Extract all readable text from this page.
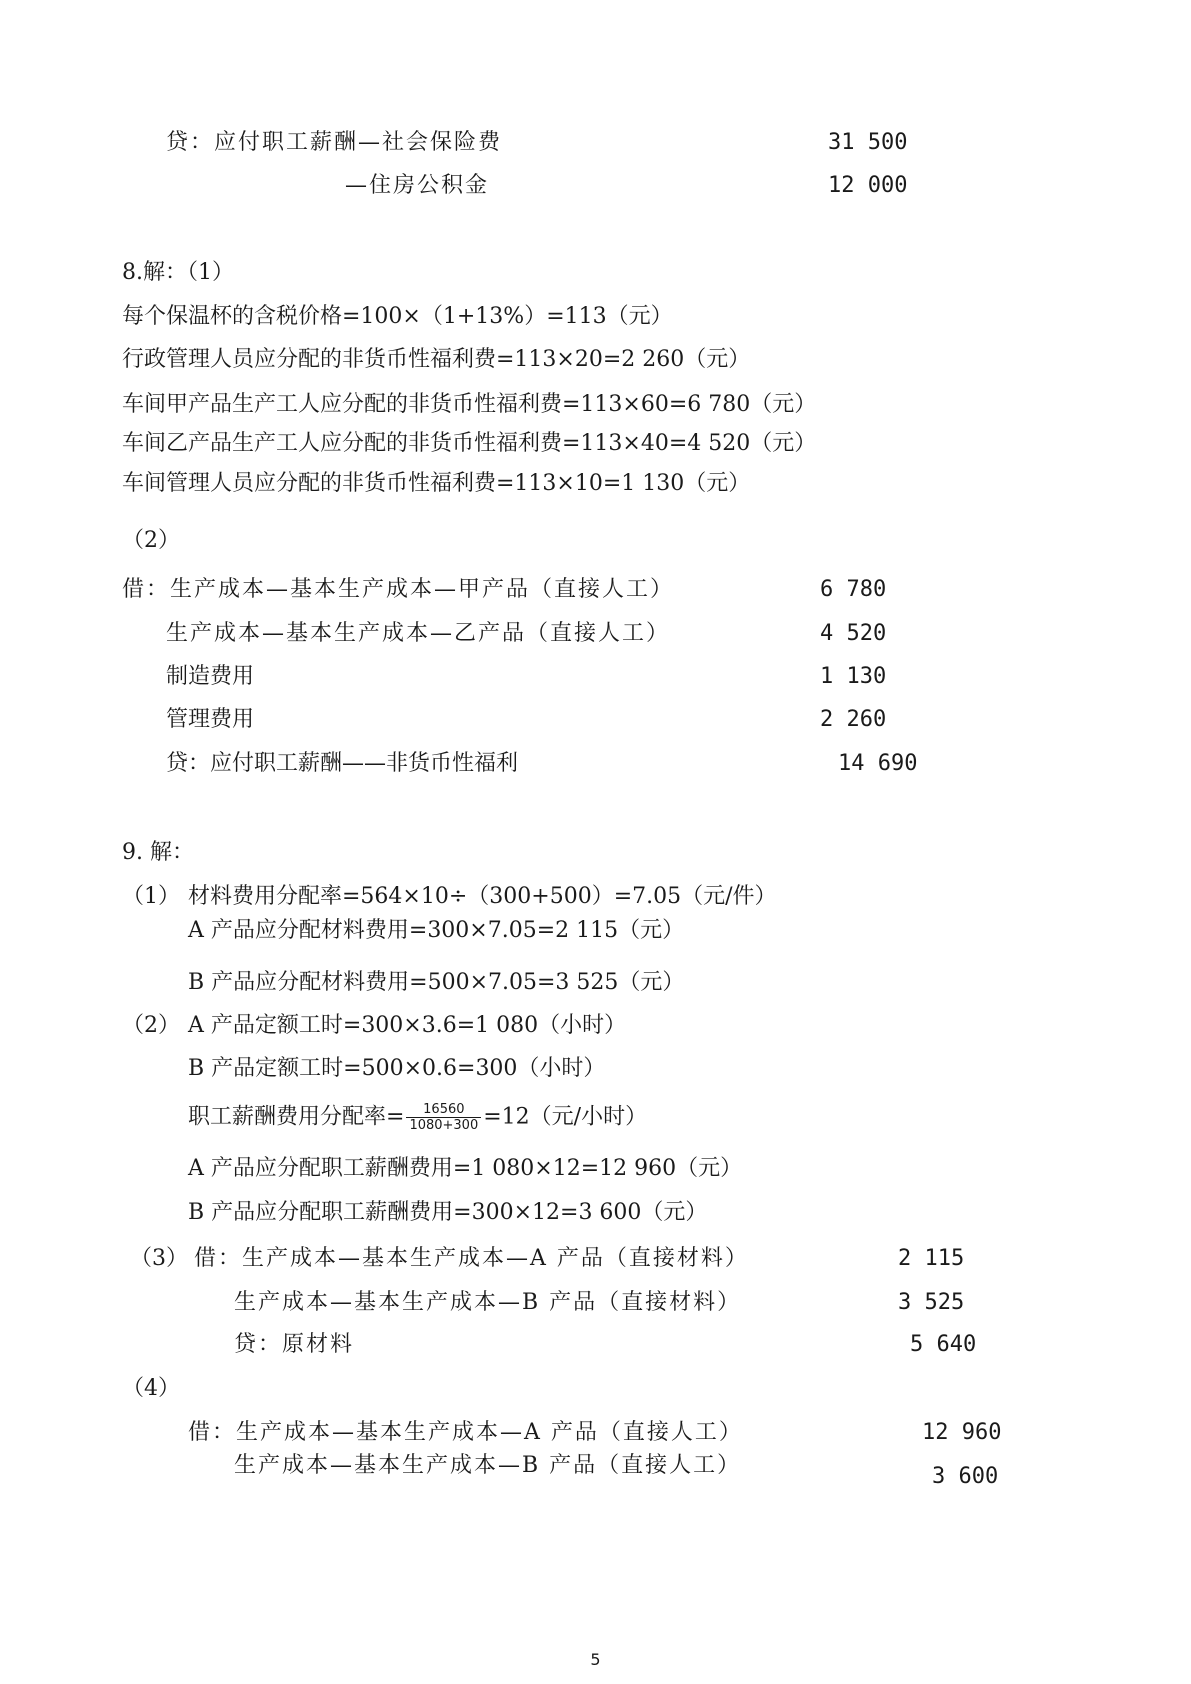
贷：应付职工薪酬—社会保险费	31 500
—住房公积金	12 000
8.解：（1）
每个保温杯的含税价格=100×（1+13%）=113（元）
行政管理人员应分配的非货币性福利费=113×20=2 260（元）
车间甲产品生产工人应分配的非货币性福利费=113×60=6 780（元）
车间乙产品生产工人应分配的非货币性福利费=113×40=4 520（元）
车间管理人员应分配的非货币性福利费=113×10=1 130（元）
（2）
借：生产成本—基本生产成本—甲产品（直接人工）	6 780
生产成本—基本生产成本—乙产品（直接人工）	4 520
制造费用	1 130
管理费用	2 260
贷：应付职工薪酬——非货币性福利	14 690
9. 解：
（1） 材料费用分配率=564×10÷（300+500）=7.05（元/件）
A 产品应分配材料费用=300×7.05=2 115（元）
B 产品应分配材料费用=500×7.05=3 525（元）
（2） A 产品定额工时=300×3.6=1 080（小时）
B 产品定额工时=500×0.6=300（小时）
职工薪酬费用分配率= $\frac{16560}{1080+300} =12$（元/小时）
A 产品应分配职工薪酬费用=1 080×12=12 960（元）
B 产品应分配职工薪酬费用=300×12=3 600（元）
（3） 借：生产成本—基本生产成本—A 产品（直接材料）	2 115
生产成本—基本生产成本—B 产品（直接材料）	3 525
贷：原材料	5 640
（4）
借：生产成本—基本生产成本—A 产品（直接人工）	12 960
生产成本—基本生产成本—B 产品（直接人工）	3 600
5
